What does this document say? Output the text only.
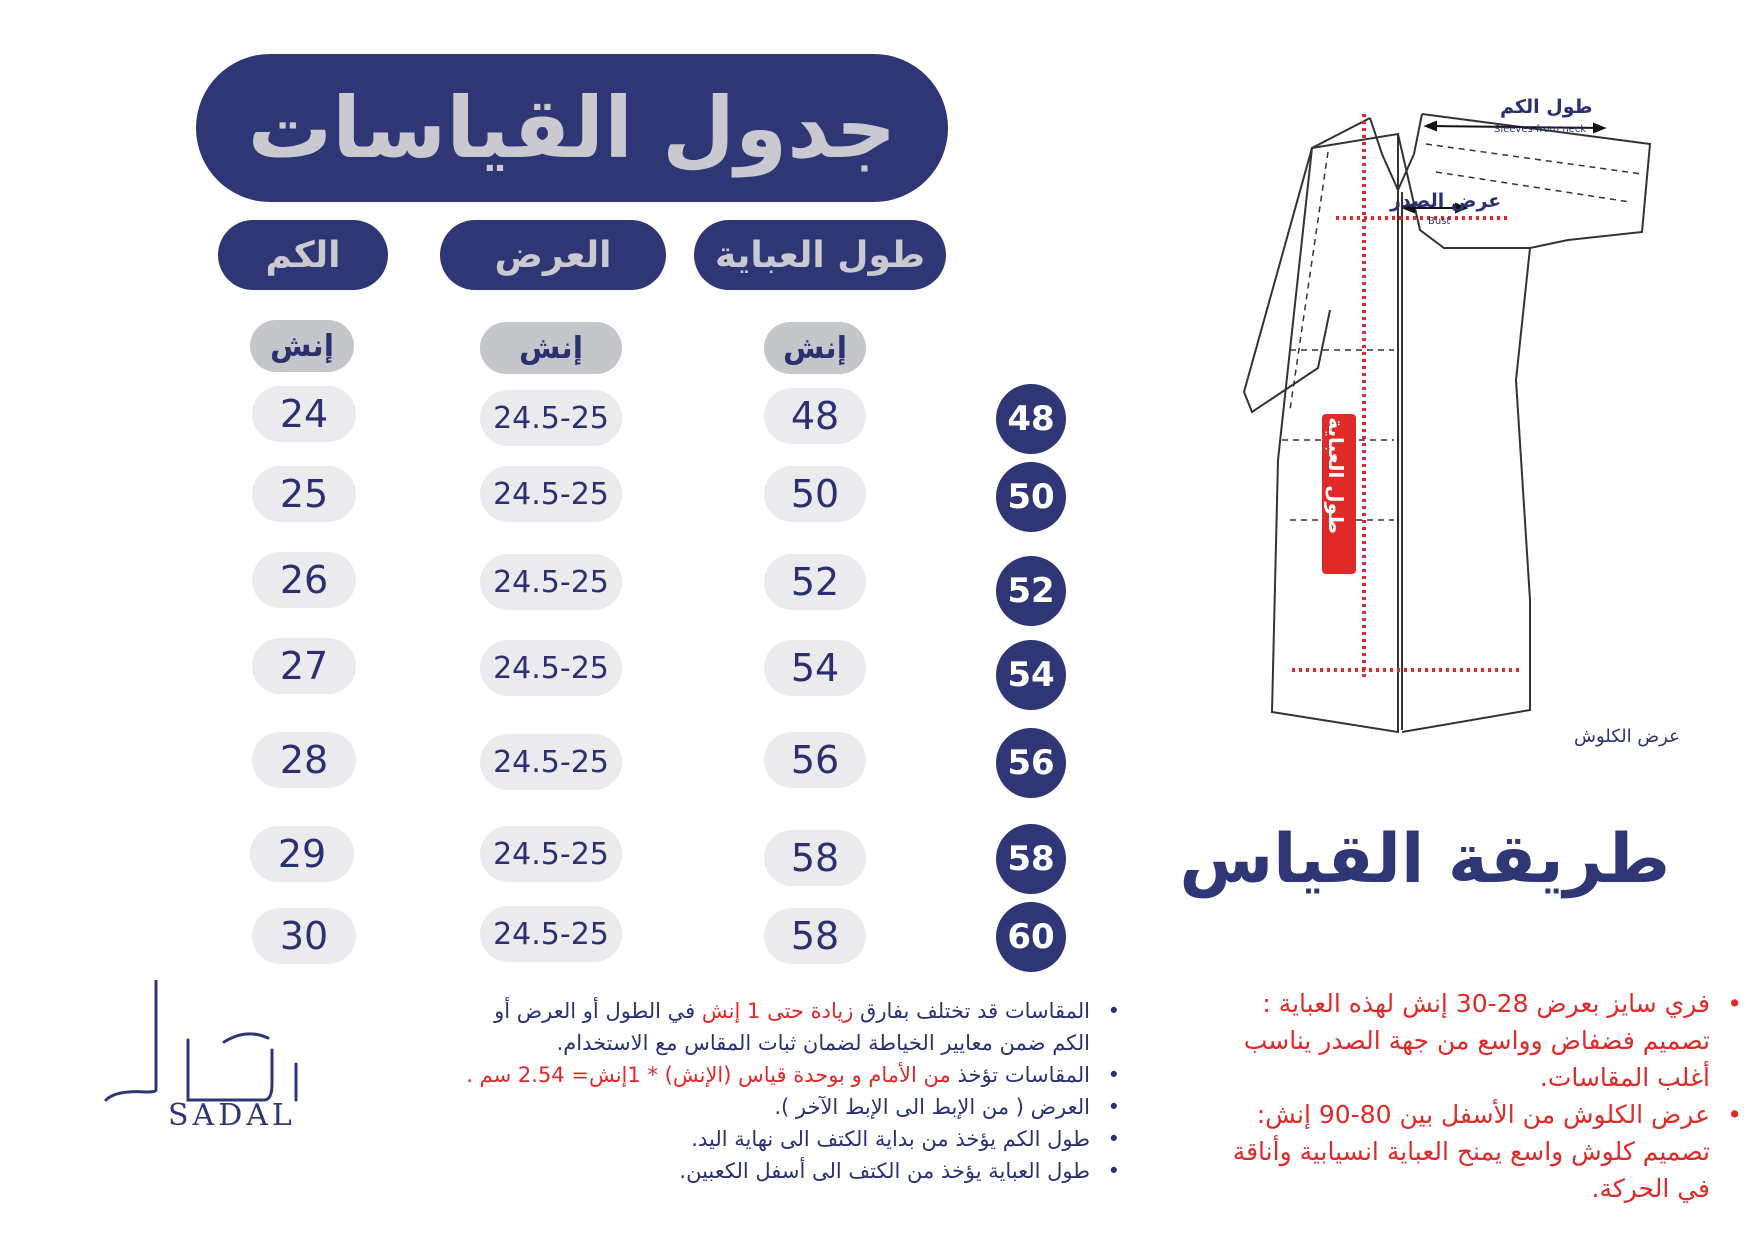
جدول القياسات
طول العباية
العرض
الكم
إنش
إنش
إنش
48
48
24.5-25
24
50
50
24.5-25
25
52
52
24.5-25
26
54
54
24.5-25
27
56
56
24.5-25
28
58
58
24.5-25
29
60
58
24.5-25
30
طول الكم
Sleeves from neck
عرض الصدر
Bust
عرض الكلوش
طريقة القياس
• المقاسات قد تختلف بفارق زيادة حتى 1 إنش في الطول أو العرض أو
الكم ضمن معايير الخياطة لضمان ثبات المقاس مع الاستخدام.
• المقاسات تؤخذ من الأمام و بوحدة قياس (الإنش) * 1إنش= 2.54 سم .
• العرض ( من الإبط الى الإبط الآخر ).
• طول الكم يؤخذ من بداية الكتف الى نهاية اليد.
• طول العباية يؤخذ من الكتف الى أسفل الكعبين.
• فري سايز بعرض 28-30 إنش لهذه العباية :
تصميم فضفاض وواسع من جهة الصدر يناسب
أغلب المقاسات.
• عرض الكلوش من الأسفل بين 80-90 إنش:
تصميم كلوش واسع يمنح العباية انسيابية وأناقة
في الحركة.
SADAL
